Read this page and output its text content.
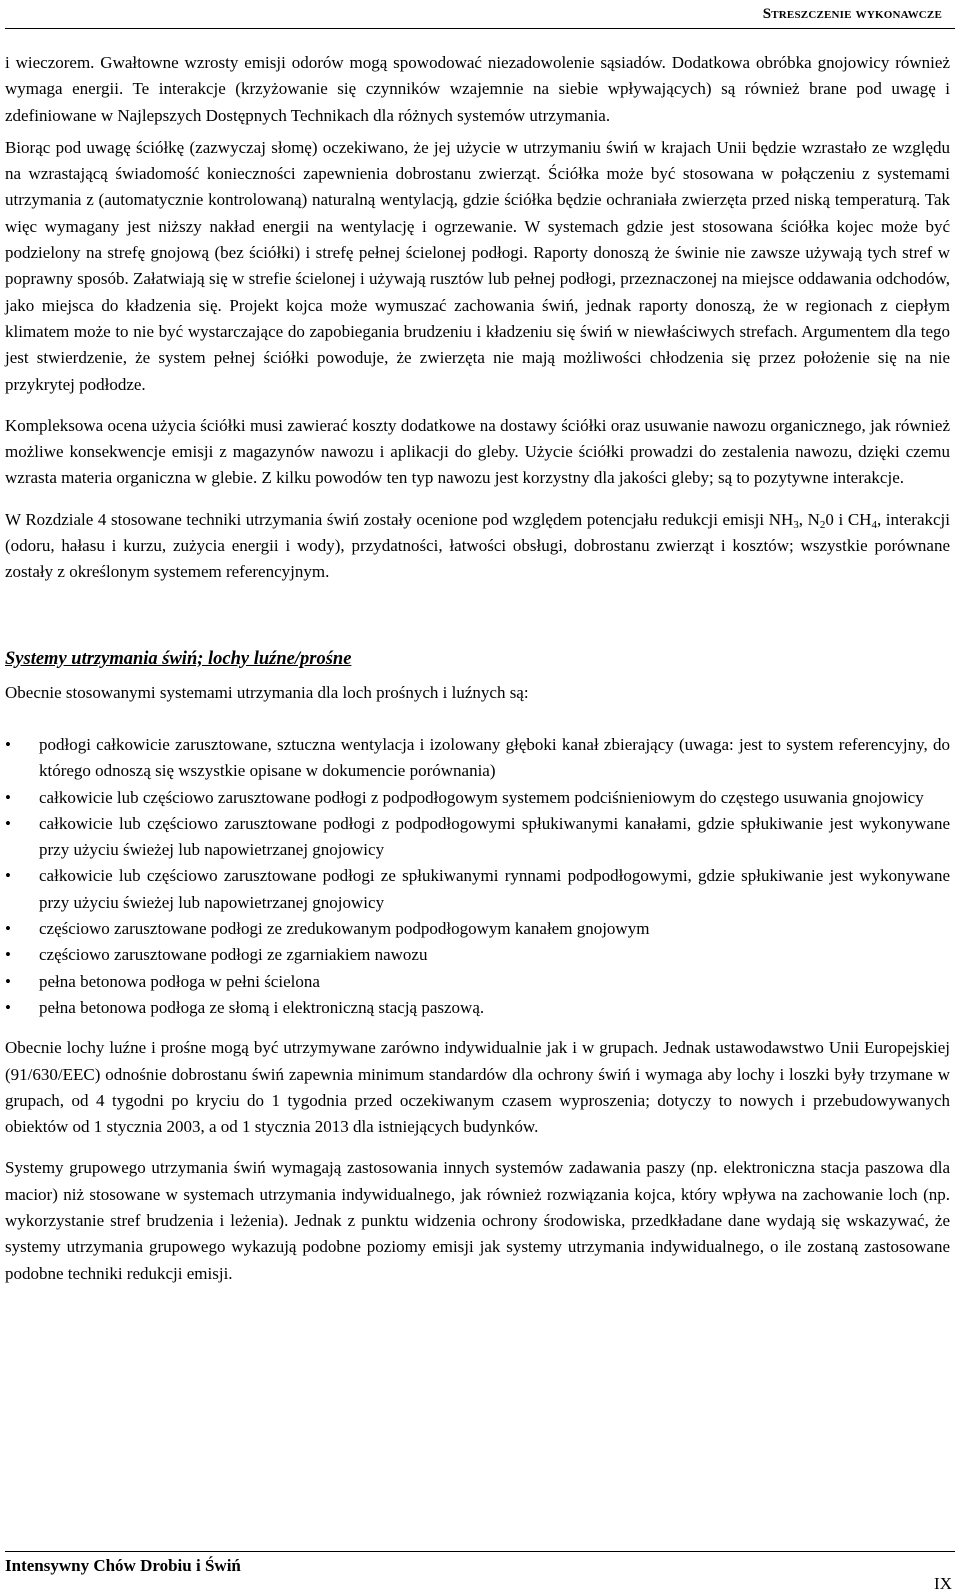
Streszczenie wykonawcze

i wieczorem. Gwałtowne wzrosty emisji odorów mogą spowodować niezadowolenie sąsiadów. Dodatkowa obróbka gnojowicy również wymaga energii. Te interakcje (krzyżowanie się czynników wzajemnie na siebie wpływających) są również brane pod uwagę i zdefiniowane w Najlepszych Dostępnych Technikach dla różnych systemów utrzymania.

Biorąc pod uwagę ściółkę (zazwyczaj słomę) oczekiwano, że jej użycie w utrzymaniu świń w krajach Unii będzie wzrastało ze względu na wzrastającą świadomość konieczności zapewnienia dobrostanu zwierząt. Ściółka może być stosowana w połączeniu z systemami utrzymania z (automatycznie kontrolowaną) naturalną wentylacją, gdzie ściółka będzie ochraniała zwierzęta przed niską temperaturą. Tak więc wymagany jest niższy nakład energii na wentylację i ogrzewanie. W systemach gdzie jest stosowana ściółka kojec może być podzielony na strefę gnojową (bez ściółki) i strefę pełnej ścielonej podłogi. Raporty donoszą że świnie nie zawsze używają tych stref w poprawny sposób. Załatwiają się w strefie ścielonej i używają rusztów lub pełnej podłogi, przeznaczonej na miejsce oddawania odchodów, jako miejsca do kładzenia się. Projekt kojca może wymuszać zachowania świń, jednak raporty donoszą, że w regionach z ciepłym klimatem może to nie być wystarczające do zapobiegania brudzeniu i kładzeniu się świń w niewłaściwych strefach. Argumentem dla tego jest stwierdzenie, że system pełnej ściółki powoduje, że zwierzęta nie mają możliwości chłodzenia się przez położenie się na nie przykrytej podłodze.

Kompleksowa ocena użycia ściółki musi zawierać koszty dodatkowe na dostawy ściółki oraz usuwanie nawozu organicznego, jak również możliwe konsekwencje emisji z magazynów nawozu i aplikacji do gleby. Użycie ściółki prowadzi do zestalenia nawozu, dzięki czemu wzrasta materia organiczna w glebie. Z kilku powodów ten typ nawozu jest korzystny dla jakości gleby; są to pozytywne interakcje.

W Rozdziale 4 stosowane techniki utrzymania świń zostały ocenione pod względem potencjału redukcji emisji $NH_3$, $N_20$ i $CH_4$, interakcji (odoru, hałasu i kurzu, zużycia energii i wody), przydatności, łatwości obsługi, dobrostanu zwierząt i kosztów; wszystkie porównane zostały z określonym systemem referencyjnym.

Systemy utrzymania świń; lochy luźne/prośne

Obecnie stosowanymi systemami utrzymania dla loch prośnych i luźnych są:

•	podłogi całkowicie zarusztowane, sztuczna wentylacja i izolowany głęboki kanał zbierający (uwaga: jest to system referencyjny, do którego odnoszą się wszystkie opisane w dokumencie porównania)
•	całkowicie lub częściowo zarusztowane podłogi z podpodłogowym systemem podciśnieniowym do częstego usuwania gnojowicy
•	całkowicie lub częściowo zarusztowane podłogi z podpodłogowymi spłukiwanymi kanałami, gdzie spłukiwanie jest wykonywane przy użyciu świeżej lub napowietrzanej gnojowicy
•	całkowicie lub częściowo zarusztowane podłogi ze spłukiwanymi rynnami podpodłogowymi, gdzie spłukiwanie jest wykonywane przy użyciu świeżej lub napowietrzanej gnojowicy
•	częściowo zarusztowane podłogi ze zredukowanym podpodłogowym kanałem gnojowym
•	częściowo zarusztowane podłogi ze zgarniakiem nawozu
•	pełna betonowa podłoga w pełni ścielona
•	pełna betonowa podłoga ze słomą i elektroniczną stacją paszową.

Obecnie lochy luźne i prośne mogą być utrzymywane zarówno indywidualnie jak i w grupach. Jednak ustawodawstwo Unii Europejskiej (91/630/EEC) odnośnie dobrostanu świń zapewnia minimum standardów dla ochrony świń i wymaga aby lochy i loszki były trzymane w grupach, od 4 tygodni po kryciu do 1 tygodnia przed oczekiwanym czasem wyproszenia; dotyczy to nowych i przebudowywanych obiektów od 1 stycznia 2003, a od 1 stycznia 2013 dla istniejących budynków.

Systemy grupowego utrzymania świń wymagają zastosowania innych systemów zadawania paszy (np. elektroniczna stacja paszowa dla macior) niż stosowane w systemach utrzymania indywidualnego, jak również rozwiązania kojca, który wpływa na zachowanie loch (np. wykorzystanie stref brudzenia i leżenia). Jednak z punktu widzenia ochrony środowiska, przedkładane dane wydają się wskazywać, że systemy utrzymania grupowego wykazują podobne poziomy emisji jak systemy utrzymania indywidualnego, o ile zostaną zastosowane podobne techniki redukcji emisji.

Intensywny Chów Drobiu i Świń
IX
